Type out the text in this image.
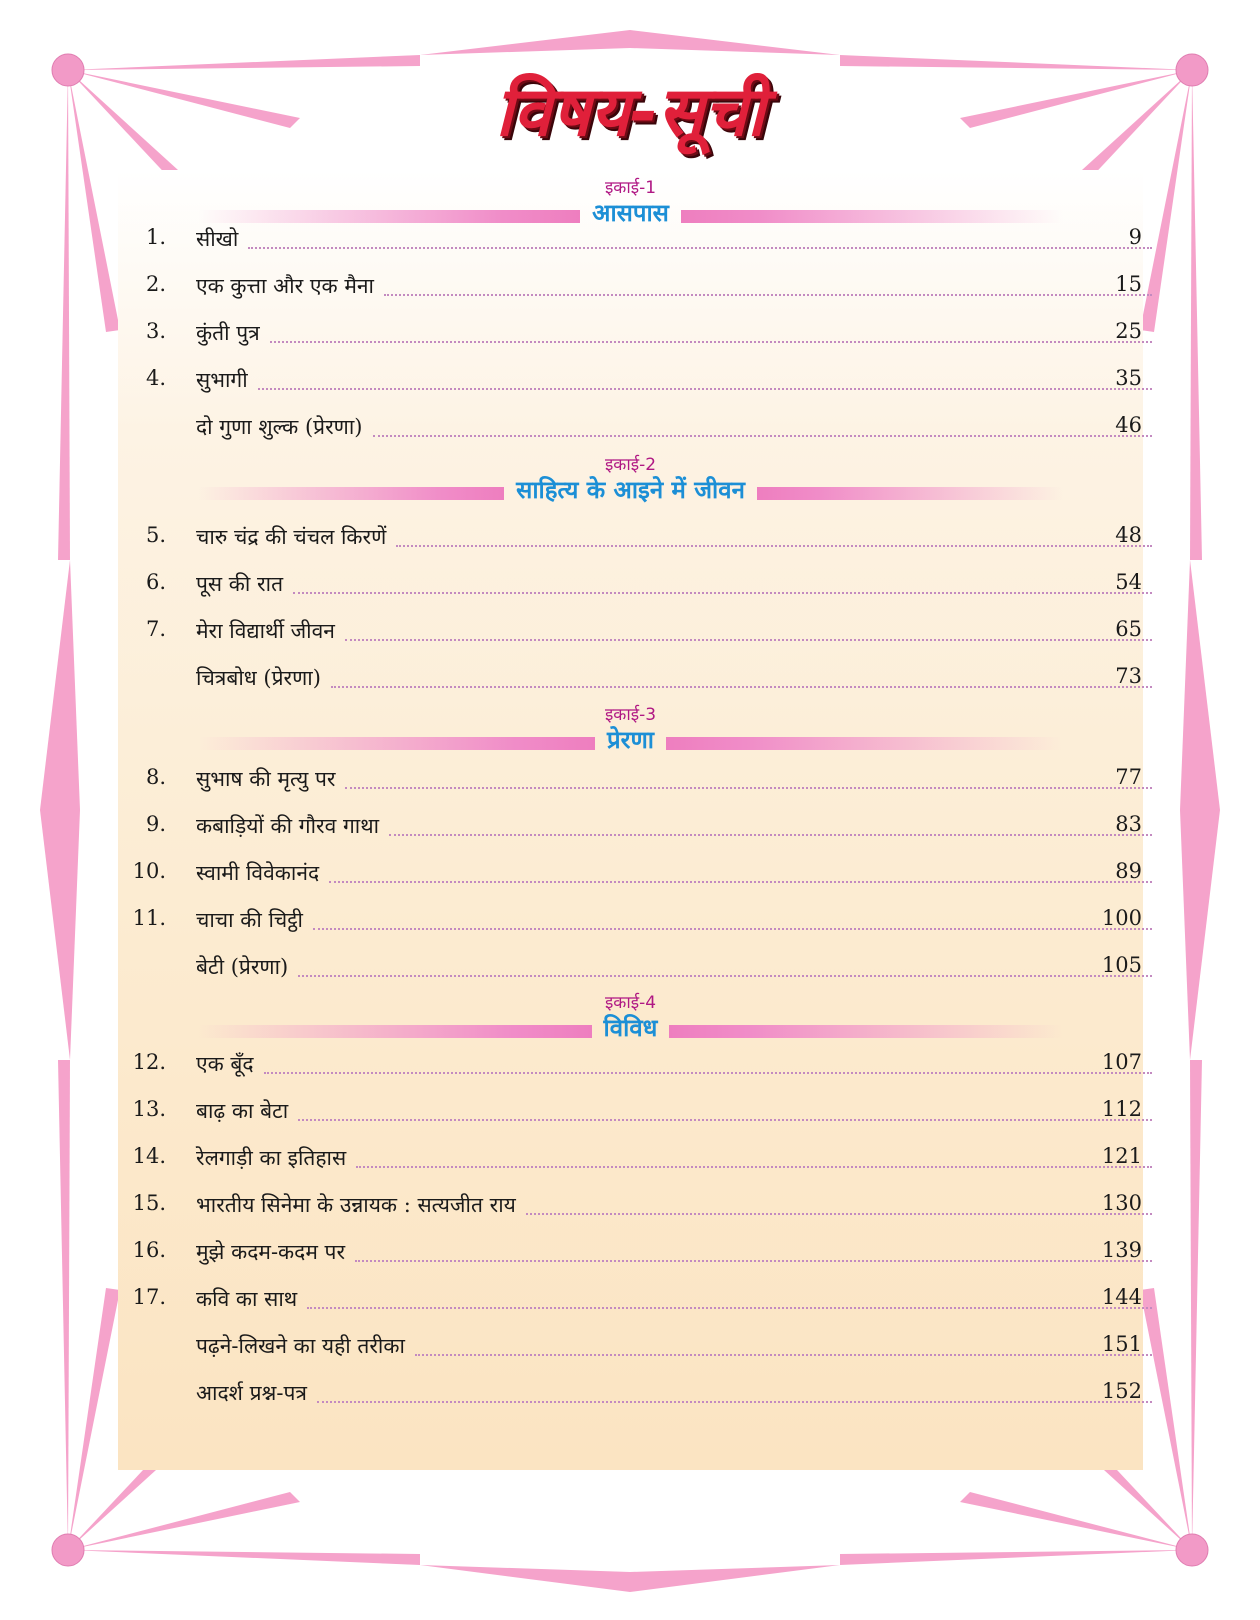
विषय-सूची
इकाई-1
आसपास
1. सीखो	9
2. एक कुत्ता और एक मैना	15
3. कुंती पुत्र	25
4. सुभागी	35
दो गुणा शुल्क (प्रेरणा)	46
इकाई-2
साहित्य के आइने में जीवन
5. चारु चंद्र की चंचल किरणें	48
6. पूस की रात	54
7. मेरा विद्यार्थी जीवन	65
चित्रबोध (प्रेरणा)	73
इकाई-3
प्रेरणा
8. सुभाष की मृत्यु पर	77
9. कबाड़ियों की गौरव गाथा	83
10. स्वामी विवेकानंद	89
11. चाचा की चिट्ठी	100
बेटी (प्रेरणा)	105
इकाई-4
विविध
12. एक बूँद	107
13. बाढ़ का बेटा	112
14. रेलगाड़ी का इतिहास	121
15. भारतीय सिनेमा के उन्नायक : सत्यजीत राय	130
16. मुझे कदम-कदम पर	139
17. कवि का साथ	144
पढ़ने-लिखने का यही तरीका	151
आदर्श प्रश्न-पत्र	152
